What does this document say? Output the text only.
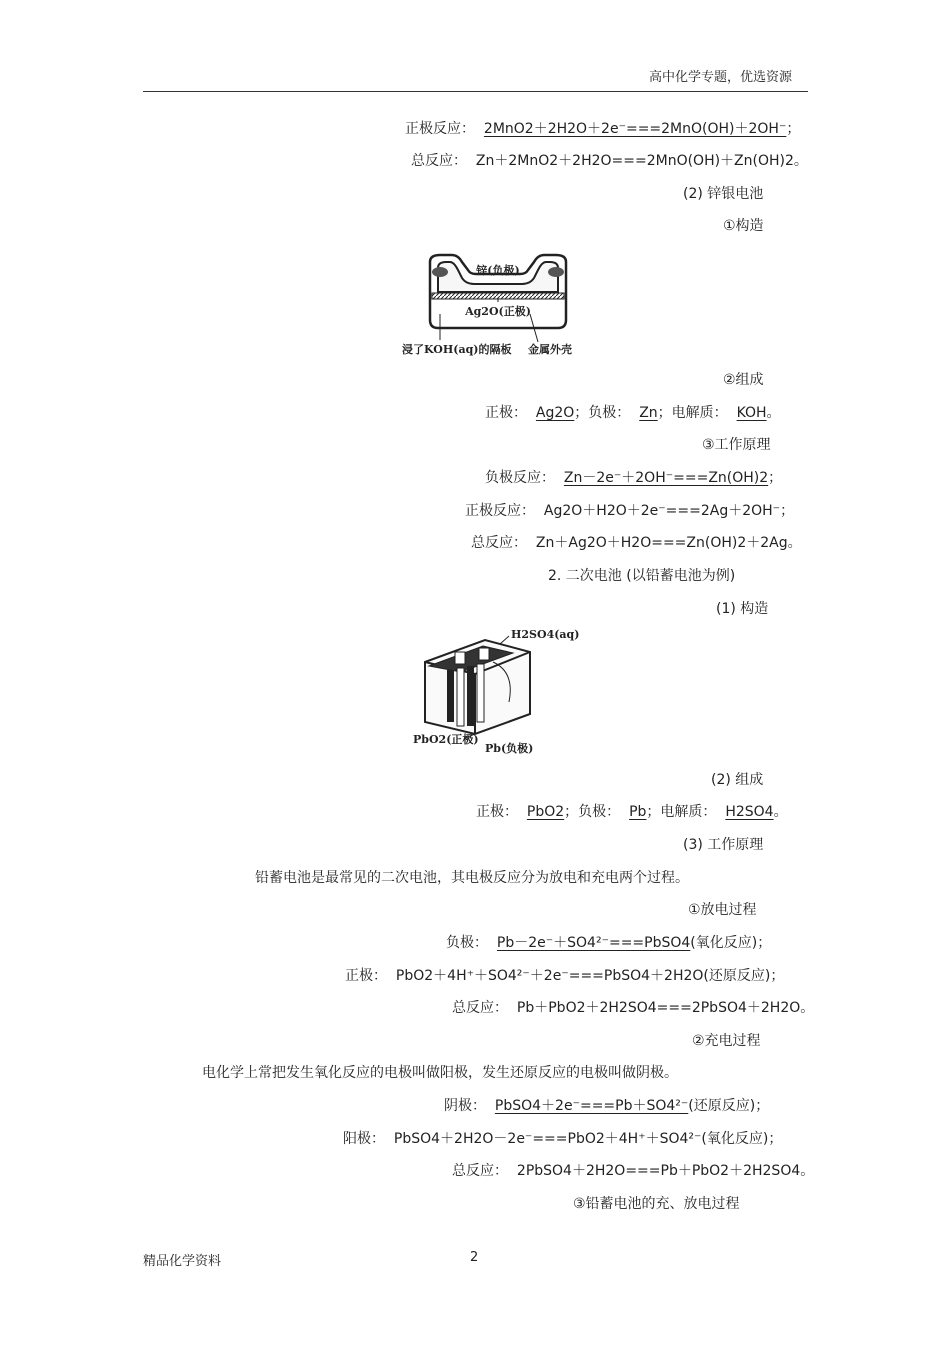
高中化学专题，优选资源
正极反应： 2MnO2＋2H2O＋2e⁻===2MnO(OH)＋2OH⁻；
总反应： Zn＋2MnO2＋2H2O===2MnO(OH)＋Zn(OH)2。
(2) 锌银电池
①构造
锌(负极)
Ag2O(正极)
浸了KOH(aq)的隔板 金属外壳
②组成
正极： Ag2O；负极： Zn；电解质： KOH。
③工作原理
负极反应： Zn－2e⁻＋2OH⁻===Zn(OH)2；
正极反应： Ag2O＋H2O＋2e⁻===2Ag＋2OH⁻；
总反应： Zn＋Ag2O＋H2O===Zn(OH)2＋2Ag。
2. 二次电池 (以铅蓄电池为例)
(1) 构造
H2SO4(aq)
PbO2(正极)
Pb(负极)
(2) 组成
正极： PbO2；负极： Pb；电解质： H2SO4。
(3) 工作原理
铅蓄电池是最常见的二次电池，其电极反应分为放电和充电两个过程。
①放电过程
负极： Pb－2e⁻＋SO4²⁻===PbSO4(氧化反应)；
正极： PbO2＋4H⁺＋SO4²⁻＋2e⁻===PbSO4＋2H2O(还原反应)；
总反应： Pb＋PbO2＋2H2SO4===2PbSO4＋2H2O。
②充电过程
电化学上常把发生氧化反应的电极叫做阳极，发生还原反应的电极叫做阴极。
阴极： PbSO4＋2e⁻===Pb＋SO4²⁻(还原反应)；
阳极： PbSO4＋2H2O－2e⁻===PbO2＋4H⁺＋SO4²⁻(氧化反应)；
总反应： 2PbSO4＋2H2O===Pb＋PbO2＋2H2SO4。
③铅蓄电池的充、放电过程
精品化学资料	2
